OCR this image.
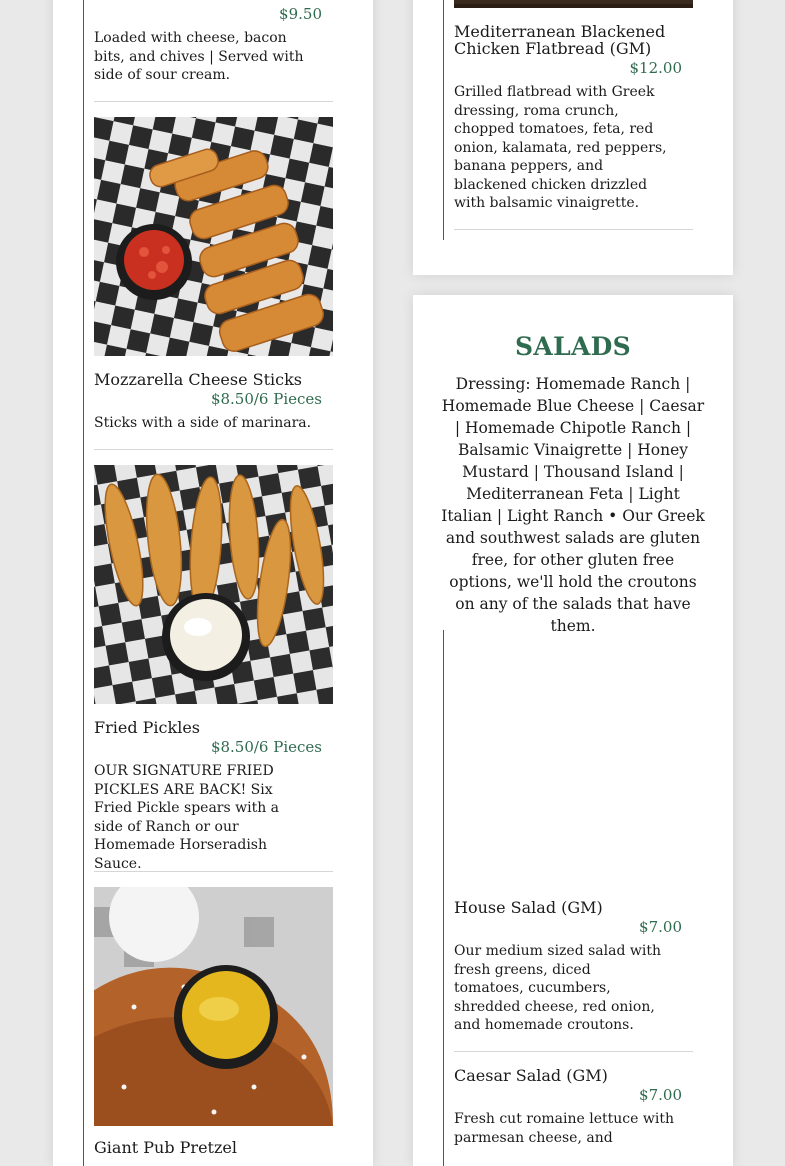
$9.50
Loaded with cheese, bacon bits, and chives | Served with side of sour cream.
Mozzarella Cheese Sticks
$8.50/6 Pieces
Sticks with a side of marinara.
Fried Pickles
$8.50/6 Pieces
OUR SIGNATURE FRIED PICKLES ARE BACK! Six Fried Pickle spears with a side of Ranch or our Homemade Horseradish Sauce.
Giant Pub Pretzel
Mediterranean Blackened Chicken Flatbread (GM)
$12.00
Grilled flatbread with Greek dressing, roma crunch, chopped tomatoes, feta, red onion, kalamata, red peppers, banana peppers, and blackened chicken drizzled with balsamic vinaigrette.
SALADS
Dressing: Homemade Ranch | Homemade Blue Cheese | Caesar | Homemade Chipotle Ranch | Balsamic Vinaigrette | Honey Mustard | Thousand Island | Mediterranean Feta | Light Italian | Light Ranch • Our Greek and southwest salads are gluten free, for other gluten free options, we'll hold the croutons on any of the salads that have them.
House Salad (GM)
$7.00
Our medium sized salad with fresh greens, diced tomatoes, cucumbers, shredded cheese, red onion, and homemade croutons.
Caesar Salad (GM)
$7.00
Fresh cut romaine lettuce with parmesan cheese, and
